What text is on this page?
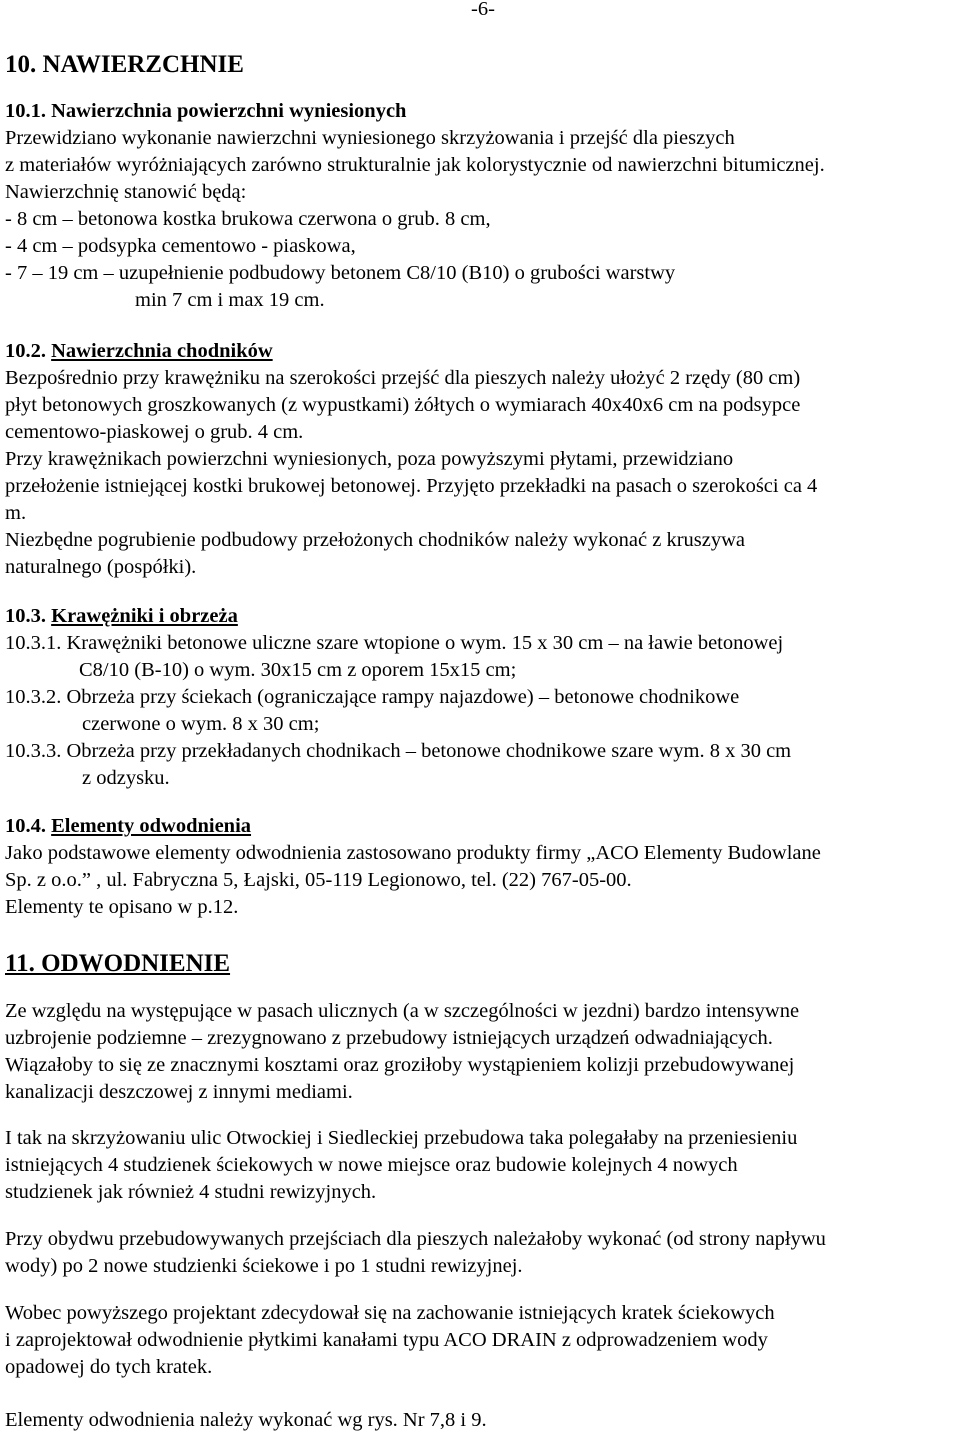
-6-
10. NAWIERZCHNIE
10.1. Nawierzchnia powierzchni wyniesionych
Przewidziano wykonanie nawierzchni wyniesionego skrzyżowania i przejść dla pieszych
z materiałów wyróżniających zarówno strukturalnie jak kolorystycznie od nawierzchni bitumicznej.
Nawierzchnię stanowić będą:
- 8 cm – betonowa kostka brukowa czerwona o grub. 8 cm,
- 4 cm – podsypka cementowo - piaskowa,
- 7 – 19 cm – uzupełnienie podbudowy betonem C8/10 (B10) o grubości warstwy
min 7 cm i max 19 cm.
10.2. Nawierzchnia chodników
Bezpośrednio przy krawężniku na szerokości przejść dla pieszych należy ułożyć 2 rzędy (80 cm)
płyt betonowych groszkowanych (z wypustkami) żółtych o wymiarach 40x40x6 cm na podsypce
cementowo-piaskowej o grub. 4 cm.
Przy krawężnikach powierzchni wyniesionych, poza powyższymi płytami, przewidziano
przełożenie istniejącej kostki brukowej betonowej. Przyjęto przekładki na pasach o szerokości ca 4
m.
Niezbędne pogrubienie podbudowy przełożonych chodników należy wykonać z kruszywa
naturalnego (pospółki).
10.3. Krawężniki i obrzeża
10.3.1. Krawężniki betonowe uliczne szare wtopione o wym. 15 x 30 cm – na ławie betonowej
C8/10 (B-10) o wym. 30x15 cm z oporem 15x15 cm;
10.3.2. Obrzeża przy ściekach (ograniczające rampy najazdowe) – betonowe chodnikowe
czerwone o wym. 8 x 30 cm;
10.3.3. Obrzeża przy przekładanych chodnikach – betonowe chodnikowe szare wym. 8 x 30 cm
z odzysku.
10.4. Elementy odwodnienia
Jako podstawowe elementy odwodnienia zastosowano produkty firmy „ACO Elementy Budowlane
Sp. z o.o.” , ul. Fabryczna 5, Łajski, 05-119 Legionowo, tel. (22) 767-05-00.
Elementy te opisano w p.12.
11. ODWODNIENIE
Ze względu na występujące w pasach ulicznych (a w szczególności w jezdni) bardzo intensywne
uzbrojenie podziemne – zrezygnowano z przebudowy istniejących urządzeń odwadniających.
Wiązałoby to się ze znacznymi kosztami oraz groziłoby wystąpieniem kolizji przebudowywanej
kanalizacji deszczowej z innymi mediami.
I tak na skrzyżowaniu ulic Otwockiej i Siedleckiej przebudowa taka polegałaby na przeniesieniu
istniejących 4 studzienek ściekowych w nowe miejsce oraz budowie kolejnych 4 nowych
studzienek jak również 4 studni rewizyjnych.
Przy obydwu przebudowywanych przejściach dla pieszych należałoby wykonać (od strony napływu
wody) po 2 nowe studzienki ściekowe i po 1 studni rewizyjnej.
Wobec powyższego projektant zdecydował się na zachowanie istniejących kratek ściekowych
i zaprojektował odwodnienie płytkimi kanałami typu ACO DRAIN z odprowadzeniem wody
opadowej do tych kratek.
Elementy odwodnienia należy wykonać wg rys. Nr 7,8 i 9.
